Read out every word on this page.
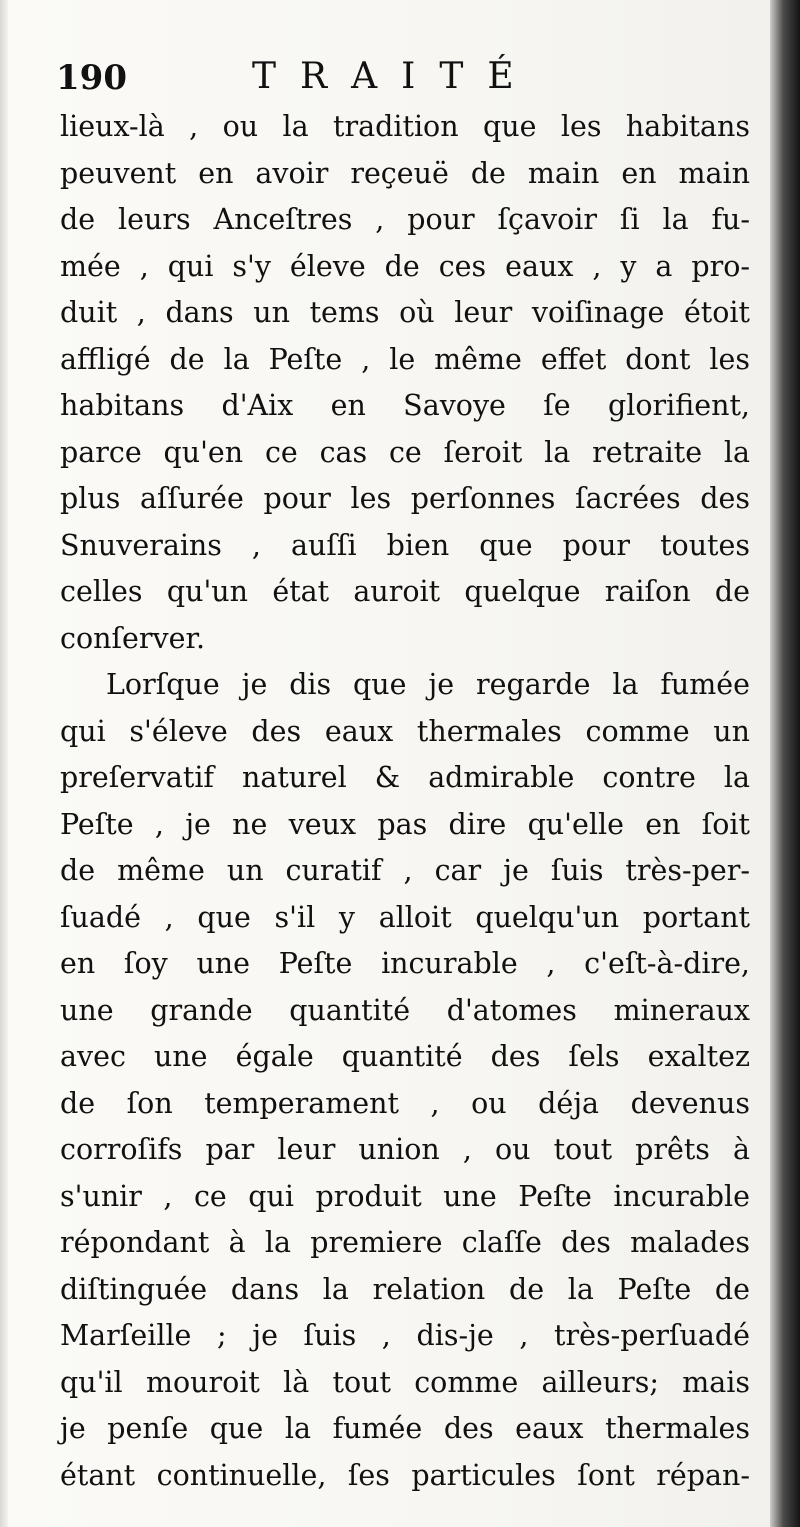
190	TRAITÉ
lieux-là , ou la tradition que les habitans
peuvent en avoir reçeuë de main en main
de leurs Anceſtres , pour ſçavoir ſi la fu-
mée , qui s'y éleve de ces eaux , y a pro-
duit , dans un tems où leur voiſinage étoit
affligé de la Peſte , le même effet dont les
habitans d'Aix en Savoye ſe glorifient,
parce qu'en ce cas ce ſeroit la retraite la
plus aſſurée pour les perſonnes ſacrées des
Snuverains , auſſi bien que pour toutes
celles qu'un état auroit quelque raiſon de
conſerver.
Lorſque je dis que je regarde la fumée
qui s'éleve des eaux thermales comme un
preſervatif naturel & admirable contre la
Peſte , je ne veux pas dire qu'elle en ſoit
de même un curatif , car je ſuis très-per-
ſuadé , que s'il y alloit quelqu'un portant
en ſoy une Peſte incurable , c'eſt-à-dire,
une grande quantité d'atomes mineraux
avec une égale quantité des ſels exaltez
de ſon temperament , ou déja devenus
corroſifs par leur union , ou tout prêts à
s'unir , ce qui produit une Peſte incurable
répondant à la premiere claſſe des malades
diſtinguée dans la relation de la Peſte de
Marſeille ; je ſuis , dis-je , très-perſuadé
qu'il mouroit là tout comme ailleurs; mais
je penſe que la fumée des eaux thermales
étant continuelle, ſes particules ſont répan-
